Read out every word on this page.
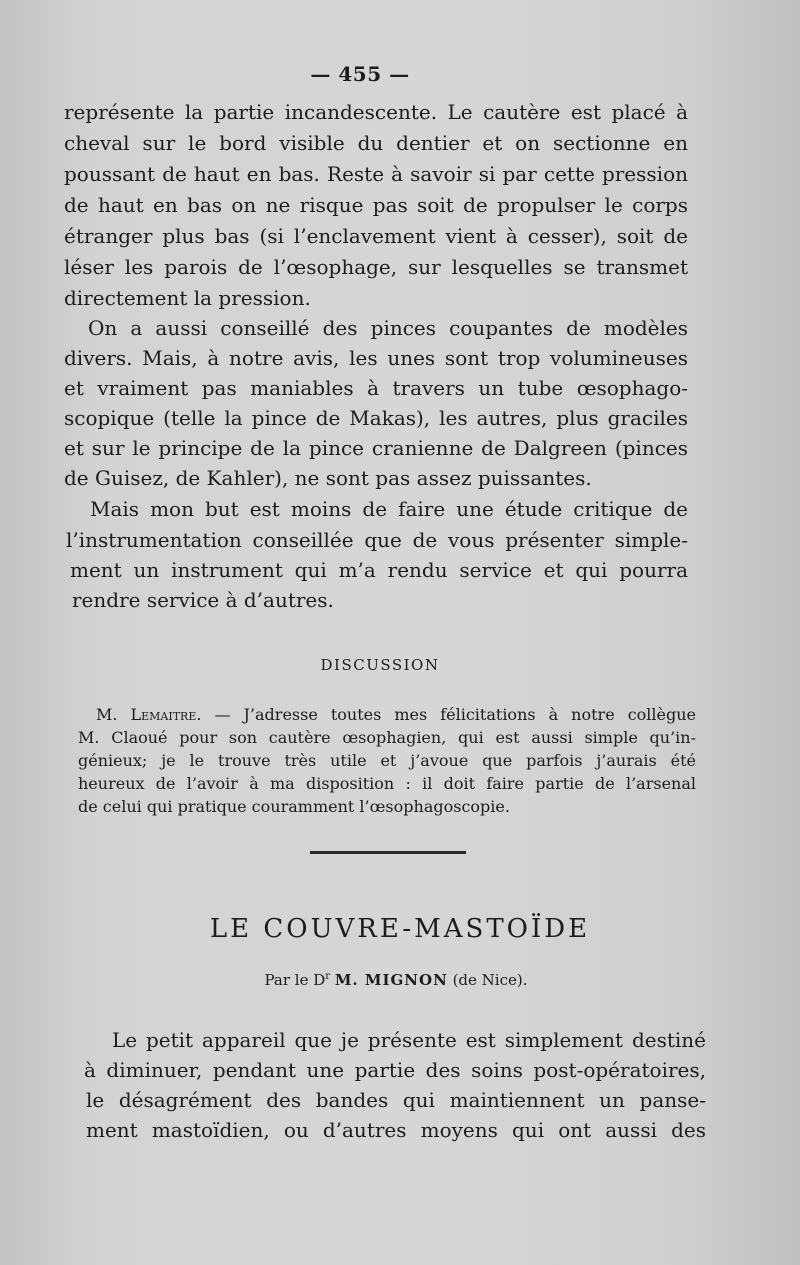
— 455 —
représente la partie incandescente. Le cautère est placé à
cheval sur le bord visible du dentier et on sectionne en
poussant de haut en bas. Reste à savoir si par cette pression
de haut en bas on ne risque pas soit de propulser le corps
étranger plus bas (si l’enclavement vient à cesser), soit de
léser les parois de l’œsophage, sur lesquelles se transmet
directement la pression.
On a aussi conseillé des pinces coupantes de modèles
divers. Mais, à notre avis, les unes sont trop volumineuses
et vraiment pas maniables à travers un tube œsophago-
scopique (telle la pince de Makas), les autres, plus graciles
et sur le principe de la pince cranienne de Dalgreen (pinces
de Guisez, de Kahler), ne sont pas assez puissantes.
Mais mon but est moins de faire une étude critique de
l’instrumentation conseillée que de vous présenter simple-
ment un instrument qui m’a rendu service et qui pourra
rendre service à d’autres.
DISCUSSION
M. Lemaitre. — J’adresse toutes mes félicitations à notre collègue
M. Claoué pour son cautère œsophagien, qui est aussi simple qu’in-
génieux; je le trouve très utile et j’avoue que parfois j’aurais été
heureux de l’avoir à ma disposition : il doit faire partie de l’arsenal
de celui qui pratique couramment l’œsophagoscopie.
LE COUVRE-MASTOÏDE
Par le $D^r$ M. MIGNON (de Nice).
Le petit appareil que je présente est simplement destiné
à diminuer, pendant une partie des soins post-opératoires,
le désagrément des bandes qui maintiennent un panse-
ment mastoïdien, ou d’autres moyens qui ont aussi des
